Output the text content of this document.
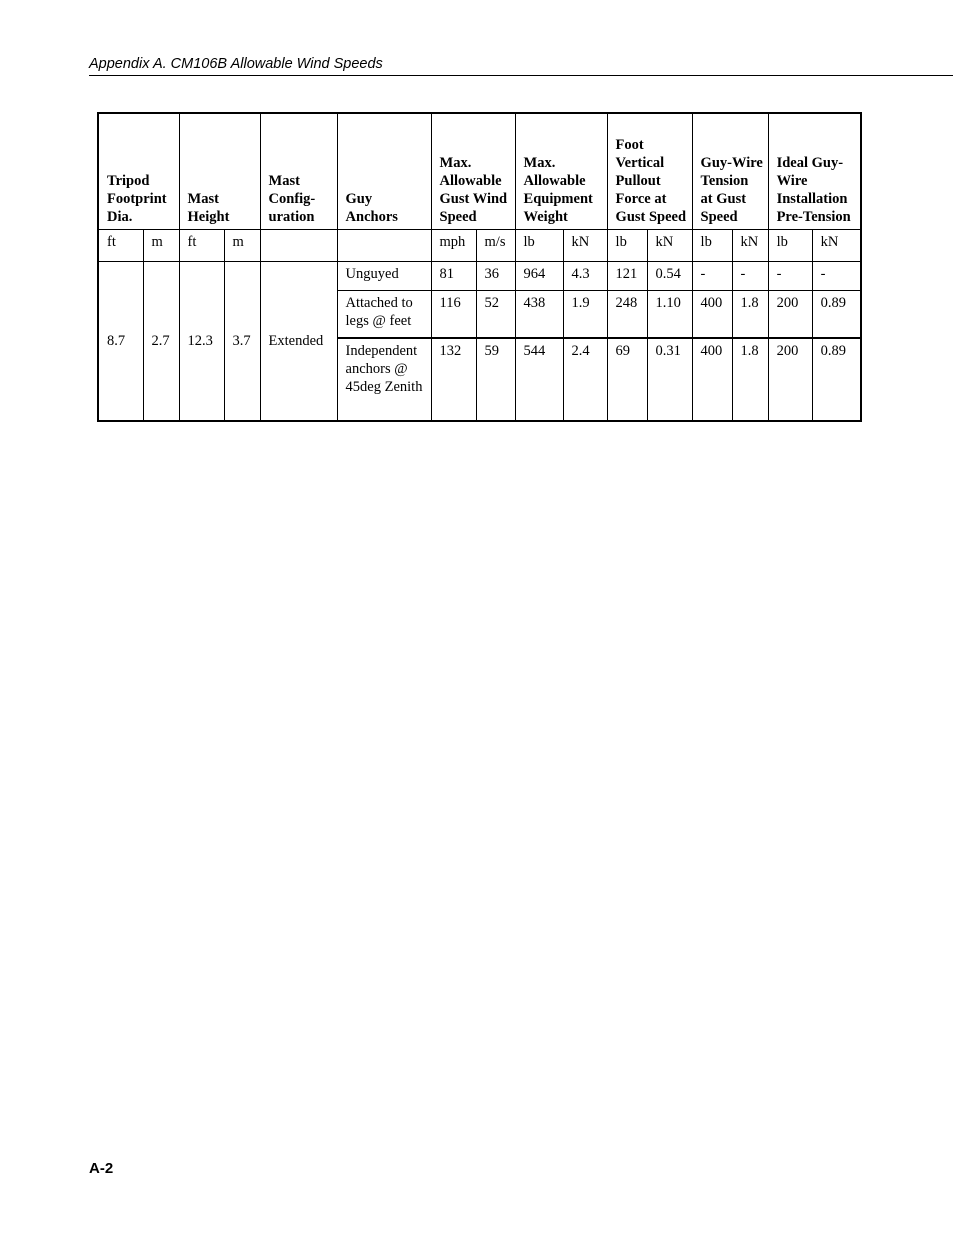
Appendix A. CM106B Allowable Wind Speeds
Tripod Footprint Dia.		Mast Height		Mast Config-uration	Guy Anchors	Max. Allowable Gust Wind Speed		Max. Allowable Equipment Weight		Foot Vertical Pullout Force at Gust Speed		Guy-Wire Tension at Gust Speed		Ideal Guy-Wire Installation Pre-Tension	
ft	m	ft	m			mph	m/s	lb	kN	lb	kN	lb	kN	lb	kN
8.7	2.7	12.3	3.7	Extended	Unguyed	81	36	964	4.3	121	0.54	-	-	-	-
					Attached to legs @ feet	116	52	438	1.9	248	1.10	400	1.8	200	0.89
					Independent anchors @ 45deg Zenith	132	59	544	2.4	69	0.31	400	1.8	200	0.89
A-2
